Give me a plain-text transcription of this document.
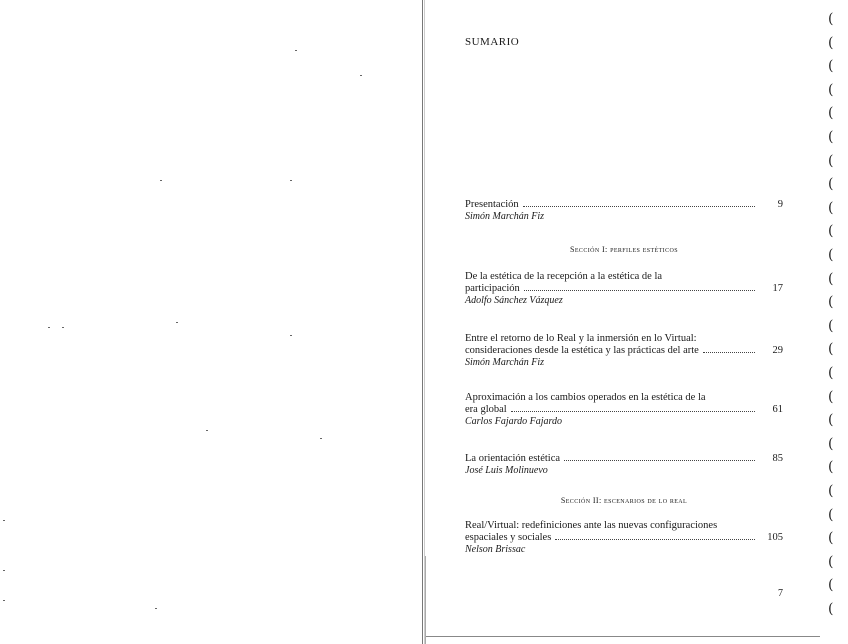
SUMARIO
Presentación	9
Simón Marchán Fiz
Sección I: perfiles estéticos
De la estética de la recepción a la estética de la
participación	17
Adolfo Sánchez Vázquez
Entre el retorno de lo Real y la inmersión en lo Virtual:
consideraciones desde la estética y las prácticas del arte	29
Simón Marchán Fiz
Aproximación a los cambios operados en la estética de la
era global	61
Carlos Fajardo Fajardo
La orientación estética	85
José Luis Molinuevo
Sección II: escenarios de lo real
Real/Virtual: redefiniciones ante las nuevas configuraciones
espaciales y sociales	105
Nelson Brissac
7
(
(
(
(
(
(
(
(
(
(
(
(
(
(
(
(
(
(
(
(
(
(
(
(
(
(
